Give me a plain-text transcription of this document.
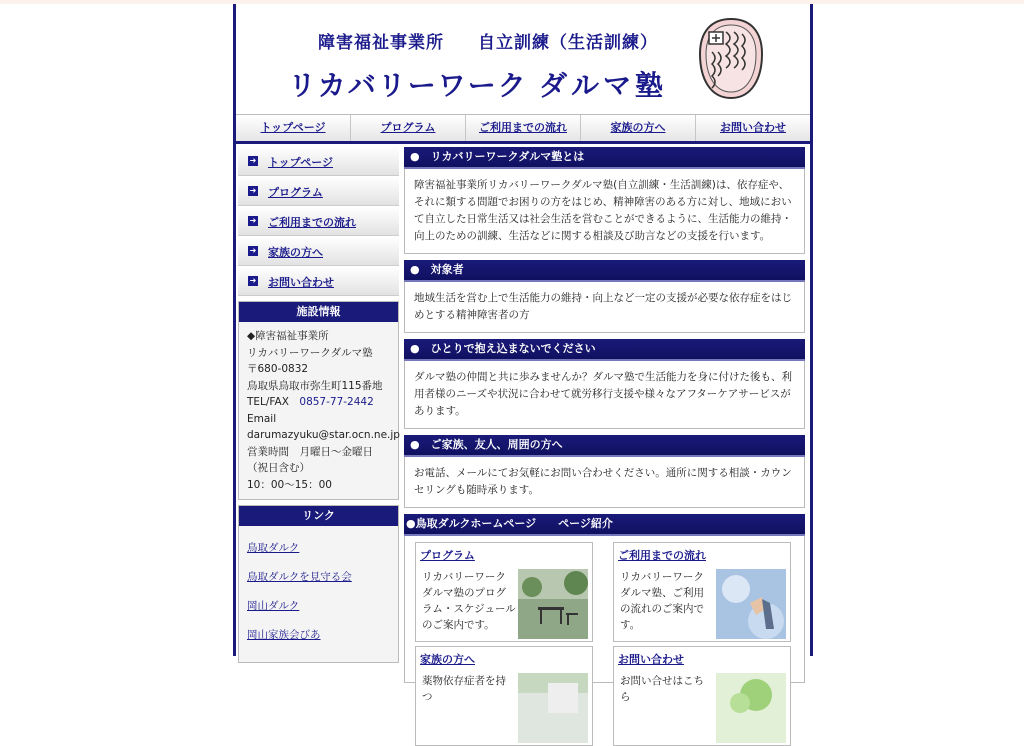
障害福祉事業所 自立訓練（生活訓練）
リカバリーワーク ダルマ塾
トップページ	プログラム	ご利用までの流れ	家族の方へ	お問い合わせ
➜ トップページ
➜ プログラム
➜ ご利用までの流れ
➜ 家族の方へ
➜ お問い合わせ
施設情報
◆障害福祉事業所
リカバリーワークダルマ塾
〒680-0832
鳥取県鳥取市弥生町115番地
TEL/FAX　 0857-77-2442
Email
darumazyuku@star.ocn.ne.jp
営業時間　月曜日～金曜日
（祝日含む）
10：00～15：00
リンク
鳥取ダルク
鳥取ダルクを見守る会
岡山ダルク
岡山家族会びあ
●　リカバリーワークダルマ塾とは
障害福祉事業所リカバリーワークダルマ塾(自立訓練・生活訓練)は、依存症や、それに類する問題でお困りの方をはじめ、精神障害のある方に対し、地域において自立した日常生活又は社会生活を営むことができるように、生活能力の維持・向上のための訓練、生活などに関する相談及び助言などの支援を行います。
●　対象者
地域生活を営む上で生活能力の維持・向上など一定の支援が必要な依存症をはじめとする精神障害者の方
●　ひとりで抱え込まないでください
ダルマ塾の仲間と共に歩みませんか？ダルマ塾で生活能力を身に付けた後も、利用者様のニーズや状況に合わせて就労移行支援や様々なアフターケアサービスがあります。
●　ご家族、友人、周囲の方へ
お電話、メールにてお気軽にお問い合わせください。通所に関する相談・カウンセリングも随時承ります。
●鳥取ダルクホームページ　　ページ紹介
プログラム
リカバリーワークダルマ塾のプログラム・スケジュールのご案内です。
ご利用までの流れ
リカバリーワークダルマ塾、ご利用の流れのご案内です。
家族の方へ
薬物依存症者を持つ
お問い合わせ
お問い合せはこちら
